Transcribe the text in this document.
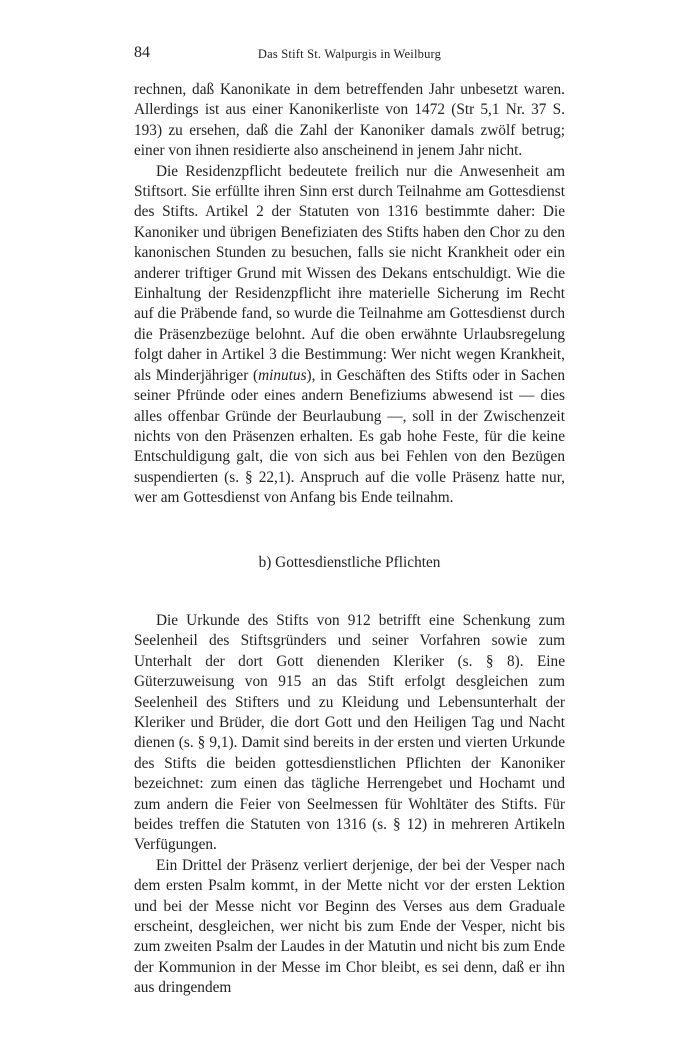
84	Das Stift St. Walpurgis in Weilburg

rechnen, daß Kanonikate in dem betreffenden Jahr unbesetzt waren. Allerdings ist aus einer Kanonikerliste von 1472 (Str 5,1 Nr. 37 S. 193) zu ersehen, daß die Zahl der Kanoniker damals zwölf betrug; einer von ihnen residierte also anscheinend in jenem Jahr nicht.

Die Residenzpflicht bedeutete freilich nur die Anwesenheit am Stiftsort. Sie erfüllte ihren Sinn erst durch Teilnahme am Gottesdienst des Stifts. Artikel 2 der Statuten von 1316 bestimmte daher: Die Kanoniker und übrigen Benefiziaten des Stifts haben den Chor zu den kanonischen Stunden zu besuchen, falls sie nicht Krankheit oder ein anderer triftiger Grund mit Wissen des Dekans entschuldigt. Wie die Einhaltung der Residenzpflicht ihre materielle Sicherung im Recht auf die Präbende fand, so wurde die Teilnahme am Gottesdienst durch die Präsenzbezüge belohnt. Auf die oben erwähnte Urlaubsregelung folgt daher in Artikel 3 die Bestimmung: Wer nicht wegen Krankheit, als Minderjähriger (minutus), in Geschäften des Stifts oder in Sachen seiner Pfründe oder eines andern Benefiziums abwesend ist — dies alles offenbar Gründe der Beurlaubung —, soll in der Zwischenzeit nichts von den Präsenzen erhalten. Es gab hohe Feste, für die keine Entschuldigung galt, die von sich aus bei Fehlen von den Bezügen suspendierten (s. § 22,1). Anspruch auf die volle Präsenz hatte nur, wer am Gottesdienst von Anfang bis Ende teilnahm.

b) Gottesdienstliche Pflichten

Die Urkunde des Stifts von 912 betrifft eine Schenkung zum Seelenheil des Stiftsgründers und seiner Vorfahren sowie zum Unterhalt der dort Gott dienenden Kleriker (s. § 8). Eine Güterzuweisung von 915 an das Stift erfolgt desgleichen zum Seelenheil des Stifters und zu Kleidung und Lebensunterhalt der Kleriker und Brüder, die dort Gott und den Heiligen Tag und Nacht dienen (s. § 9,1). Damit sind bereits in der ersten und vierten Urkunde des Stifts die beiden gottesdienstlichen Pflichten der Kanoniker bezeichnet: zum einen das tägliche Herrengebet und Hochamt und zum andern die Feier von Seelmessen für Wohltäter des Stifts. Für beides treffen die Statuten von 1316 (s. § 12) in mehreren Artikeln Verfügungen.

Ein Drittel der Präsenz verliert derjenige, der bei der Vesper nach dem ersten Psalm kommt, in der Mette nicht vor der ersten Lektion und bei der Messe nicht vor Beginn des Verses aus dem Graduale erscheint, desgleichen, wer nicht bis zum Ende der Vesper, nicht bis zum zweiten Psalm der Laudes in der Matutin und nicht bis zum Ende der Kommunion in der Messe im Chor bleibt, es sei denn, daß er ihn aus dringendem
